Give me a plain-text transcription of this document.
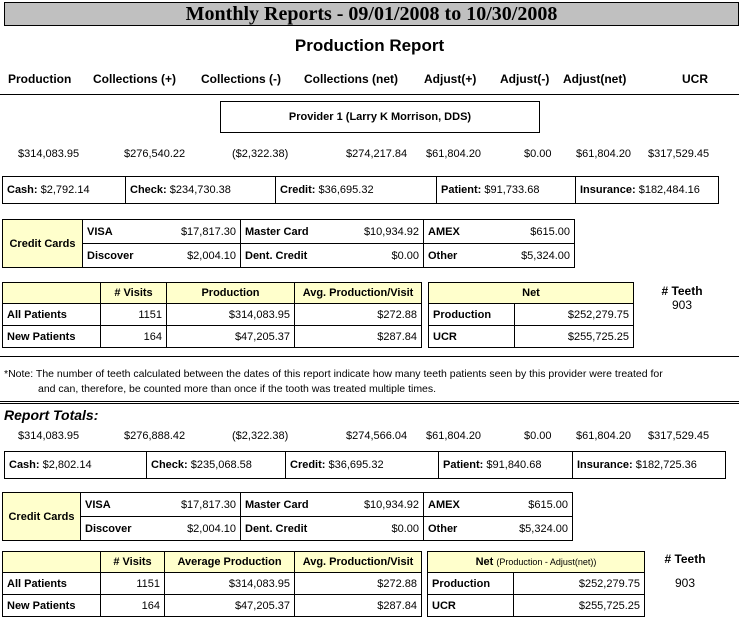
Monthly Reports - 09/01/2008 to 10/30/2008
Production Report
Production Collections (+) Collections (-) Collections (net) Adjust(+) Adjust(-) Adjust(net)	UCR
Provider 1 (Larry K Morrison, DDS)
$314,083.95	$276,540.22	($2,322.38)	$274,217.84 $61,804.20	$0.00 $61,804.20 $317,529.45
Cash: $2,792.14	Check: $234,730.38	Credit: $36,695.32	Patient: $91,733.68	Insurance: $182,484.16
Credit Cards	VISA $17,817.30	Master Card $10,934.92	AMEX $615.00

	Discover $2,004.10	Dent. Credit $0.00	Other $5,324.00
	# Visits	Production	Avg. Production/Visit
All Patients	1151	$314,083.95	$272.88
New Patients	164	$47,205.37	$287.84
Net	
Production	$252,279.75
UCR	$255,725.25
# Teeth
903
*Note: The number of teeth calculated between the dates of this report indicate how many teeth patients seen by this provider were treated for
and can, therefore, be counted more than once if the tooth was treated multiple times.
Report Totals:
$314,083.95	$276,888.42	($2,322.38)	$274,566.04 $61,804.20	$0.00 $61,804.20 $317,529.45
Cash: $2,802.14	Check: $235,068.58	Credit: $36,695.32	Patient: $91,840.68	Insurance: $182,725.36
Credit Cards	VISA $17,817.30	Master Card $10,934.92	AMEX $615.00

	Discover $2,004.10	Dent. Credit $0.00	Other $5,324.00
	# Visits	Average Production	Avg. Production/Visit
All Patients	1151	$314,083.95	$272.88
New Patients	164	$47,205.37	$287.84
Net (Production - Adjust(net))	
Production	$252,279.75
UCR	$255,725.25
# Teeth
903
